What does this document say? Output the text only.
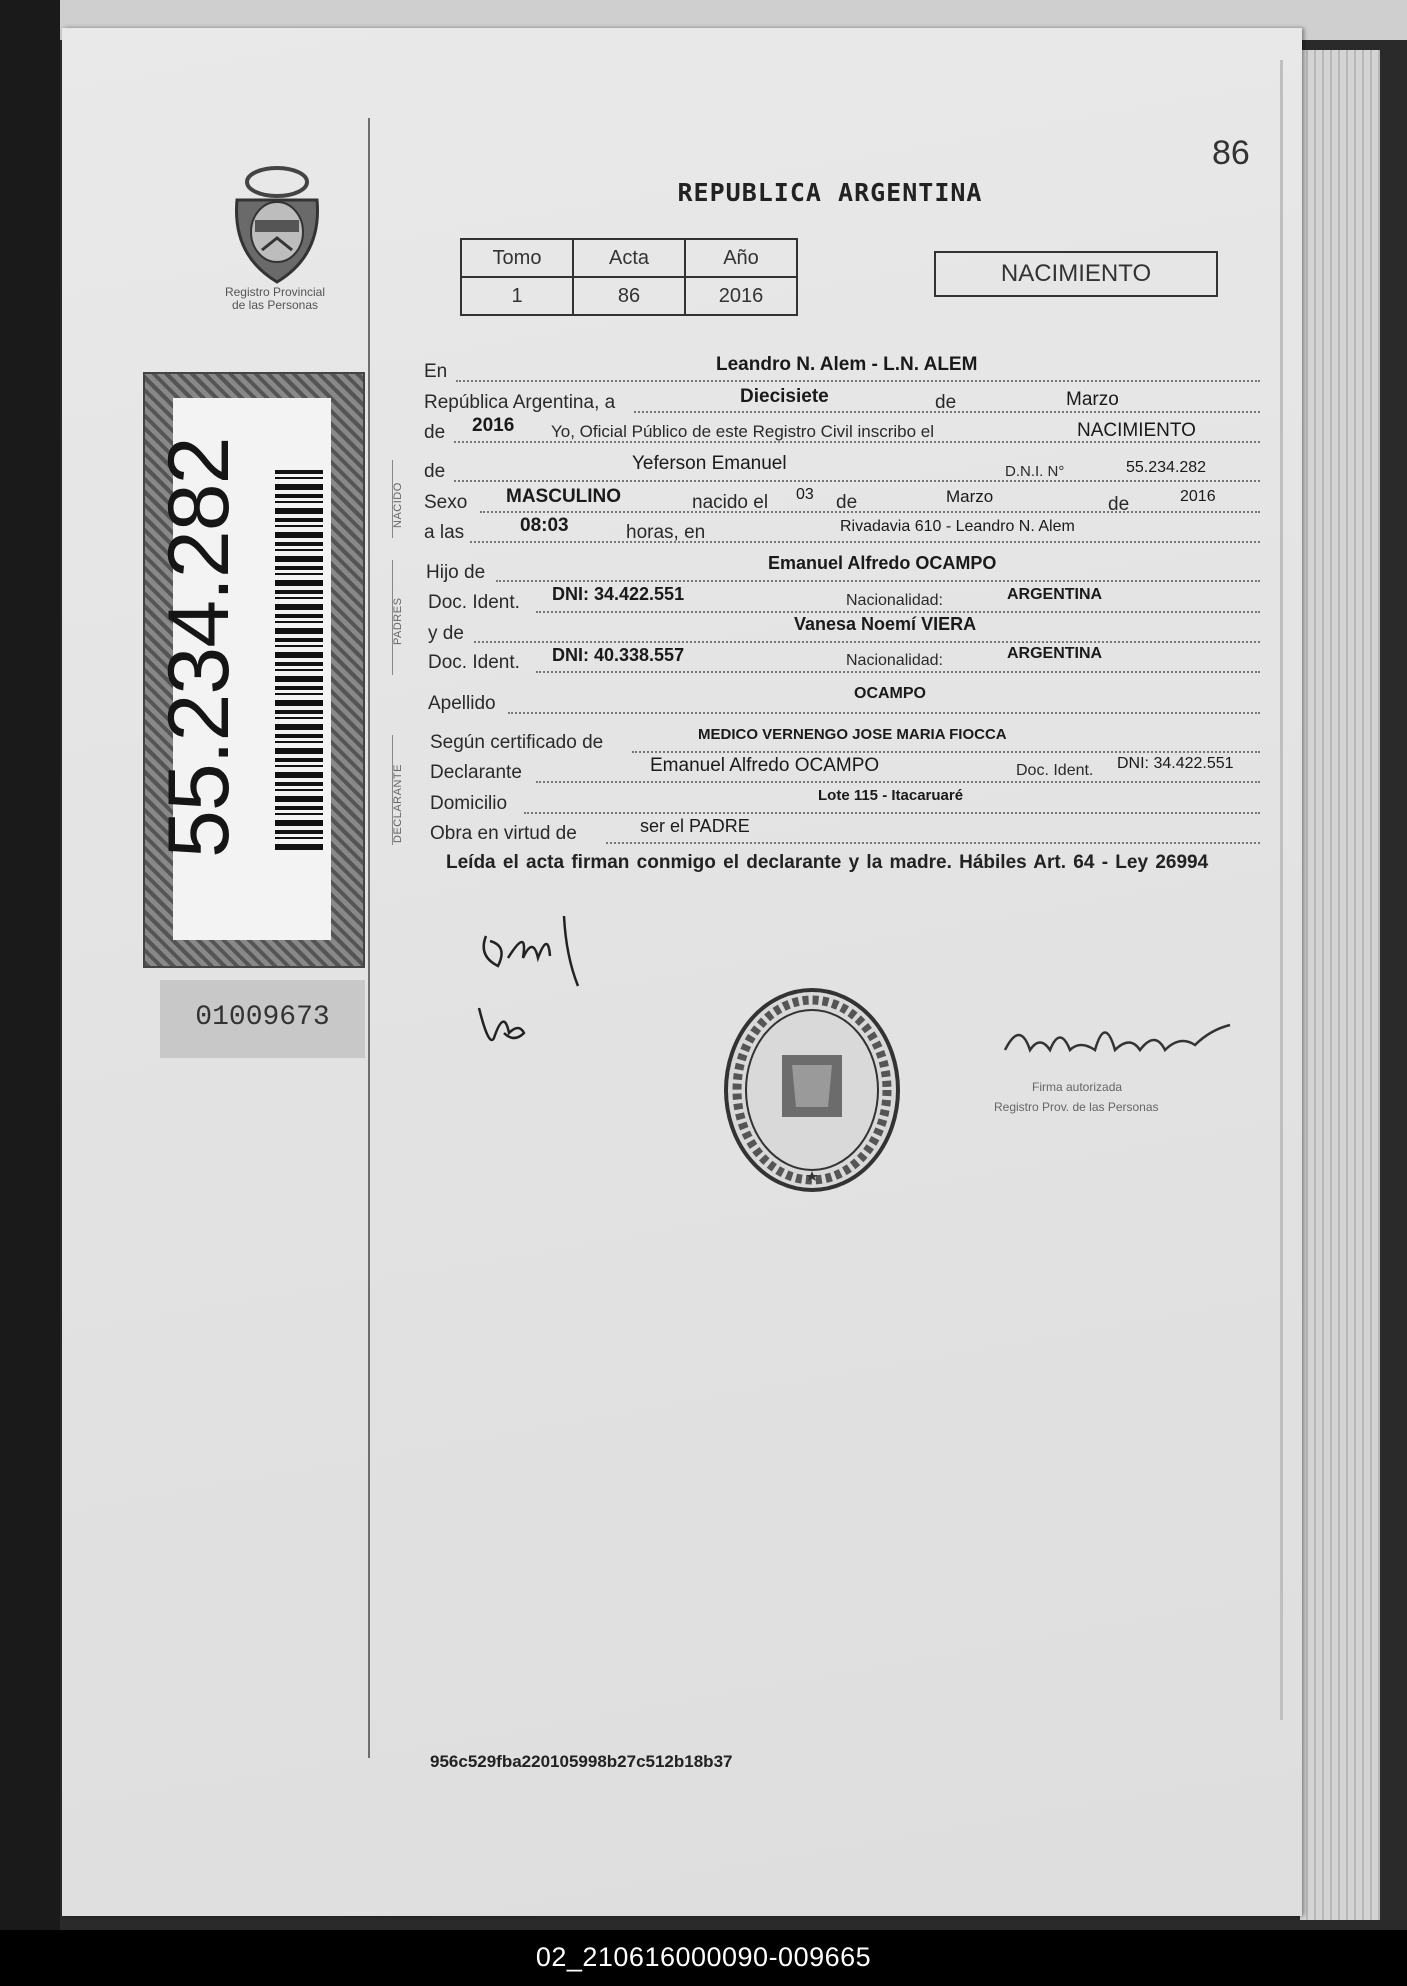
Registro Provincial
de las Personas
55.234.282
01009673
86
REPUBLICA ARGENTINA
Tomo	Acta	Año
1	86	2016
NACIMIENTO
NACIDO
PADRES
DECLARANTE
En	Leandro N. Alem - L.N. ALEM
República Argentina, a	Diecisiete	de	Marzo
de 2016 Yo, Oficial Público de este Registro Civil inscribo el	NACIMIENTO
de	Yeferson Emanuel	D.N.I. N°	55.234.282
Sexo MASCULINO	nacido el 03 de	Marzo	de	2016
a las	08:03	horas, en	Rivadavia 610 - Leandro N. Alem
Hijo de	Emanuel Alfredo OCAMPO
Doc. Ident. DNI: 34.422.551	Nacionalidad:	ARGENTINA
y de	Vanesa Noemí VIERA
Doc. Ident. DNI: 40.338.557	Nacionalidad:	ARGENTINA
Apellido	OCAMPO
Según certificado de	MEDICO VERNENGO JOSE MARIA FIOCCA
Declarante	Emanuel Alfredo OCAMPO	Doc. Ident. DNI: 34.422.551
Domicilio	Lote 115 - Itacaruaré
Obra en virtud de	ser el PADRE
Leída el acta firman conmigo el declarante y la madre. Hábiles Art. 64 - Ley 26994
Firma autorizada
Registro Prov. de las Personas
956c529fba220105998b27c512b18b37
02_210616000090-009665
